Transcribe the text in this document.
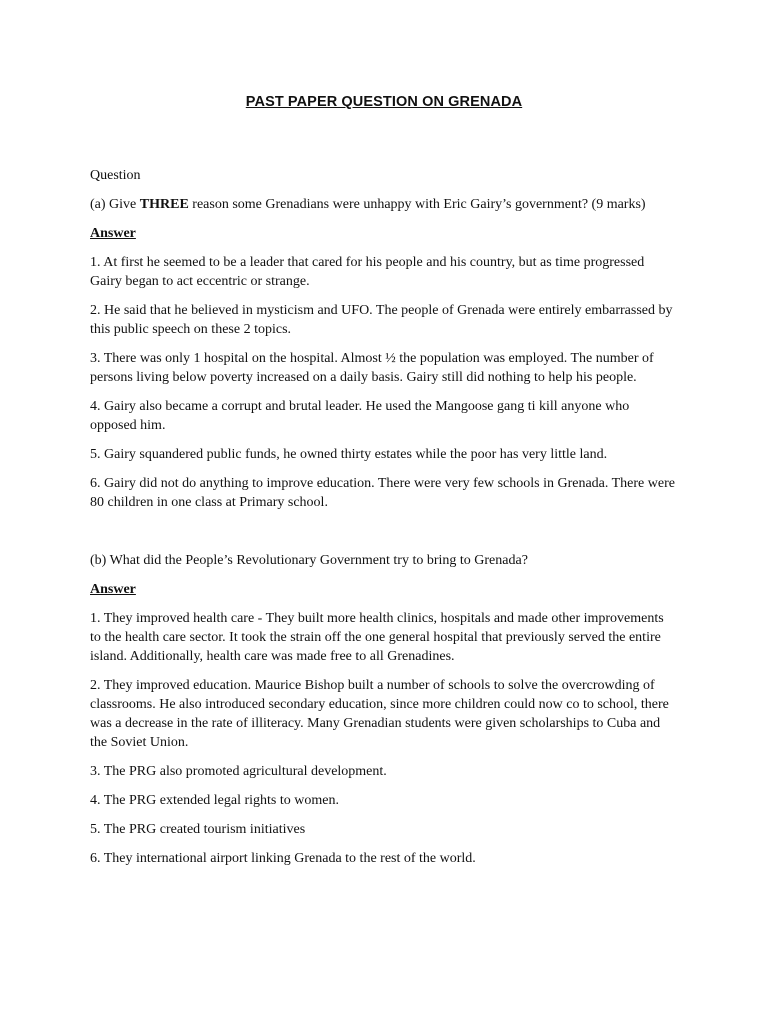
PAST PAPER QUESTION ON GRENADA
Question
(a) Give THREE reason some Grenadians were unhappy with Eric Gairy’s government? (9 marks)
Answer
1. At first he seemed to be a leader that cared for his people and his country, but as time progressed Gairy began to act eccentric or strange.
2. He said that he believed in mysticism and UFO. The people of Grenada were entirely embarrassed by this public speech on these 2 topics.
3. There was only 1 hospital on the hospital. Almost ½ the population was employed. The number of persons living below poverty increased on a daily basis. Gairy still did nothing to help his people.
4. Gairy also became a corrupt and brutal leader. He used the Mangoose gang ti kill anyone who opposed him.
5. Gairy squandered public funds, he owned thirty estates while the poor has very little land.
6. Gairy did not do anything to improve education. There were very few schools in Grenada. There were 80 children in one class at Primary school.
(b) What did the People’s Revolutionary Government try to bring to Grenada?
Answer
1. They improved health care - They built more health clinics, hospitals and made other improvements to the health care sector. It took the strain off the one general hospital that previously served the entire island. Additionally, health care was made free to all Grenadines.
2. They improved education. Maurice Bishop built a number of schools to solve the overcrowding of classrooms. He also introduced secondary education, since more children could now co to school, there was a decrease in the rate of illiteracy. Many Grenadian students were given scholarships to Cuba and the Soviet Union.
3. The PRG also promoted agricultural development.
4. The PRG extended legal rights to women.
5. The PRG created tourism initiatives
6. They international airport linking Grenada to the rest of the world.
